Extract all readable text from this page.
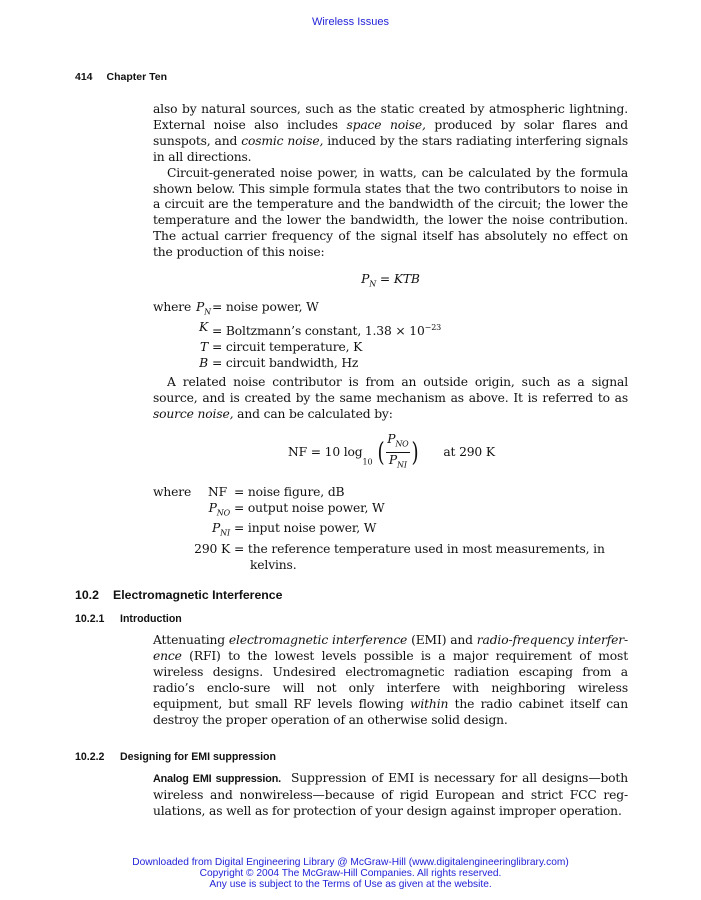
Wireless Issues
414 Chapter Ten

also by natural sources, such as the static created by atmospheric lightning. External noise also includes space noise, produced by solar flares and sunspots, and cosmic noise, induced by the stars radiating interfering signals in all directions.

Circuit-generated noise power, in watts, can be calculated by the formula shown below. This simple formula states that the two contributors to noise in a circuit are the temperature and the bandwidth of the circuit; the lower the temperature and the lower the bandwidth, the lower the noise contribution. The actual carrier frequency of the signal itself has absolutely no effect on the production of this noise:

$P_N$ = KTB
where $P_N$ = noise power, W
K = Boltzmann’s constant, $1.38 \times 10^{-23}$
T = circuit temperature, K
B = circuit bandwidth, Hz

A related noise contributor is from an outside origin, such as a signal source, and is created by the same mechanism as above. It is referred to as source noise, and can be calculated by:

NF = 10 $\log_{10}$ ( $\frac{P_{NO}}{P_{NI}}$ ) at 290 K
where	NF = noise figure, dB
$P_{NO}$ = output noise power, W
$P_{NI}$ = input noise power, W
290 K = the reference temperature used in most measurements, in
kelvins.
10.2 Electromagnetic Interference
10.2.1 Introduction

Attenuating electromagnetic interference (EMI) and radio-frequency interfer-ence (RFI) to the lowest levels possible is a major requirement of most wireless designs. Undesired electromagnetic radiation escaping from a radio’s enclo-sure will not only interfere with neighboring wireless equipment, but small RF levels flowing within the radio cabinet itself can destroy the proper operation of an otherwise solid design.

10.2.2 Designing for EMI suppression

Analog EMI suppression. Suppression of EMI is necessary for all designs—both wireless and nonwireless—because of rigid European and strict FCC reg-ulations, as well as for protection of your design against improper operation.

Downloaded from Digital Engineering Library @ McGraw-Hill (www.digitalengineeringlibrary.com)
Copyright © 2004 The McGraw-Hill Companies. All rights reserved.
Any use is subject to the Terms of Use as given at the website.
